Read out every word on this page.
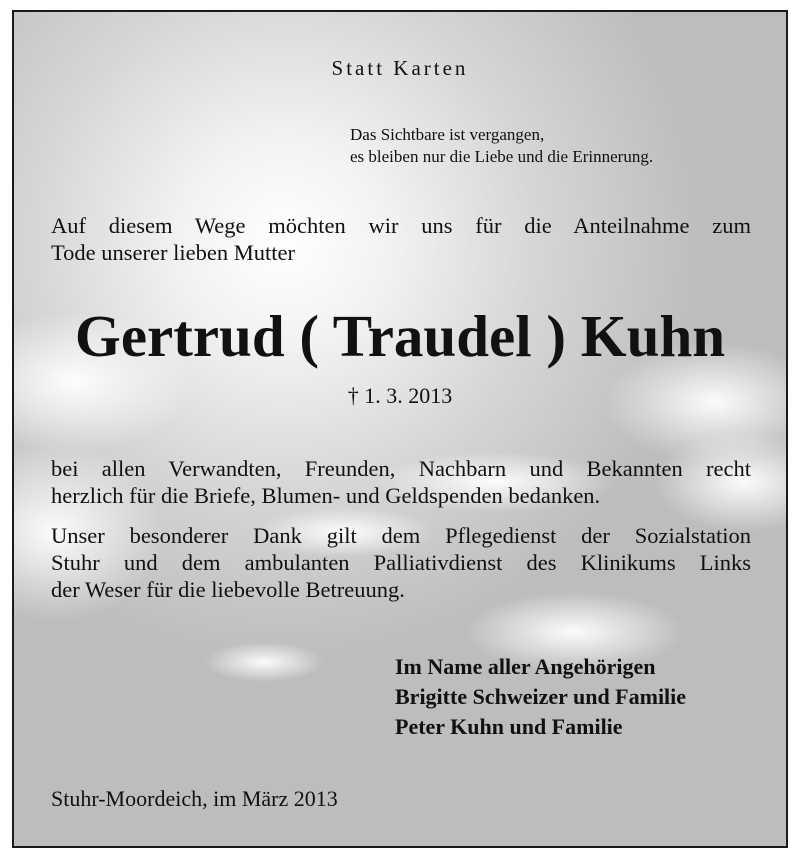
Statt Karten
Das Sichtbare ist vergangen,
es bleiben nur die Liebe und die Erinnerung.
Auf diesem Wege möchten wir uns für die Anteilnahme zum
Tode unserer lieben Mutter
Gertrud ( Traudel ) Kuhn
† 1. 3. 2013
bei allen Verwandten, Freunden, Nachbarn und Bekannten recht
herzlich für die Briefe, Blumen- und Geldspenden bedanken.
Unser besonderer Dank gilt dem Pflegedienst der Sozialstation
Stuhr und dem ambulanten Palliativdienst des Klinikums Links
der Weser für die liebevolle Betreuung.
Im Name aller Angehörigen
Brigitte Schweizer und Familie
Peter Kuhn und Familie
Stuhr-Moordeich, im März 2013
